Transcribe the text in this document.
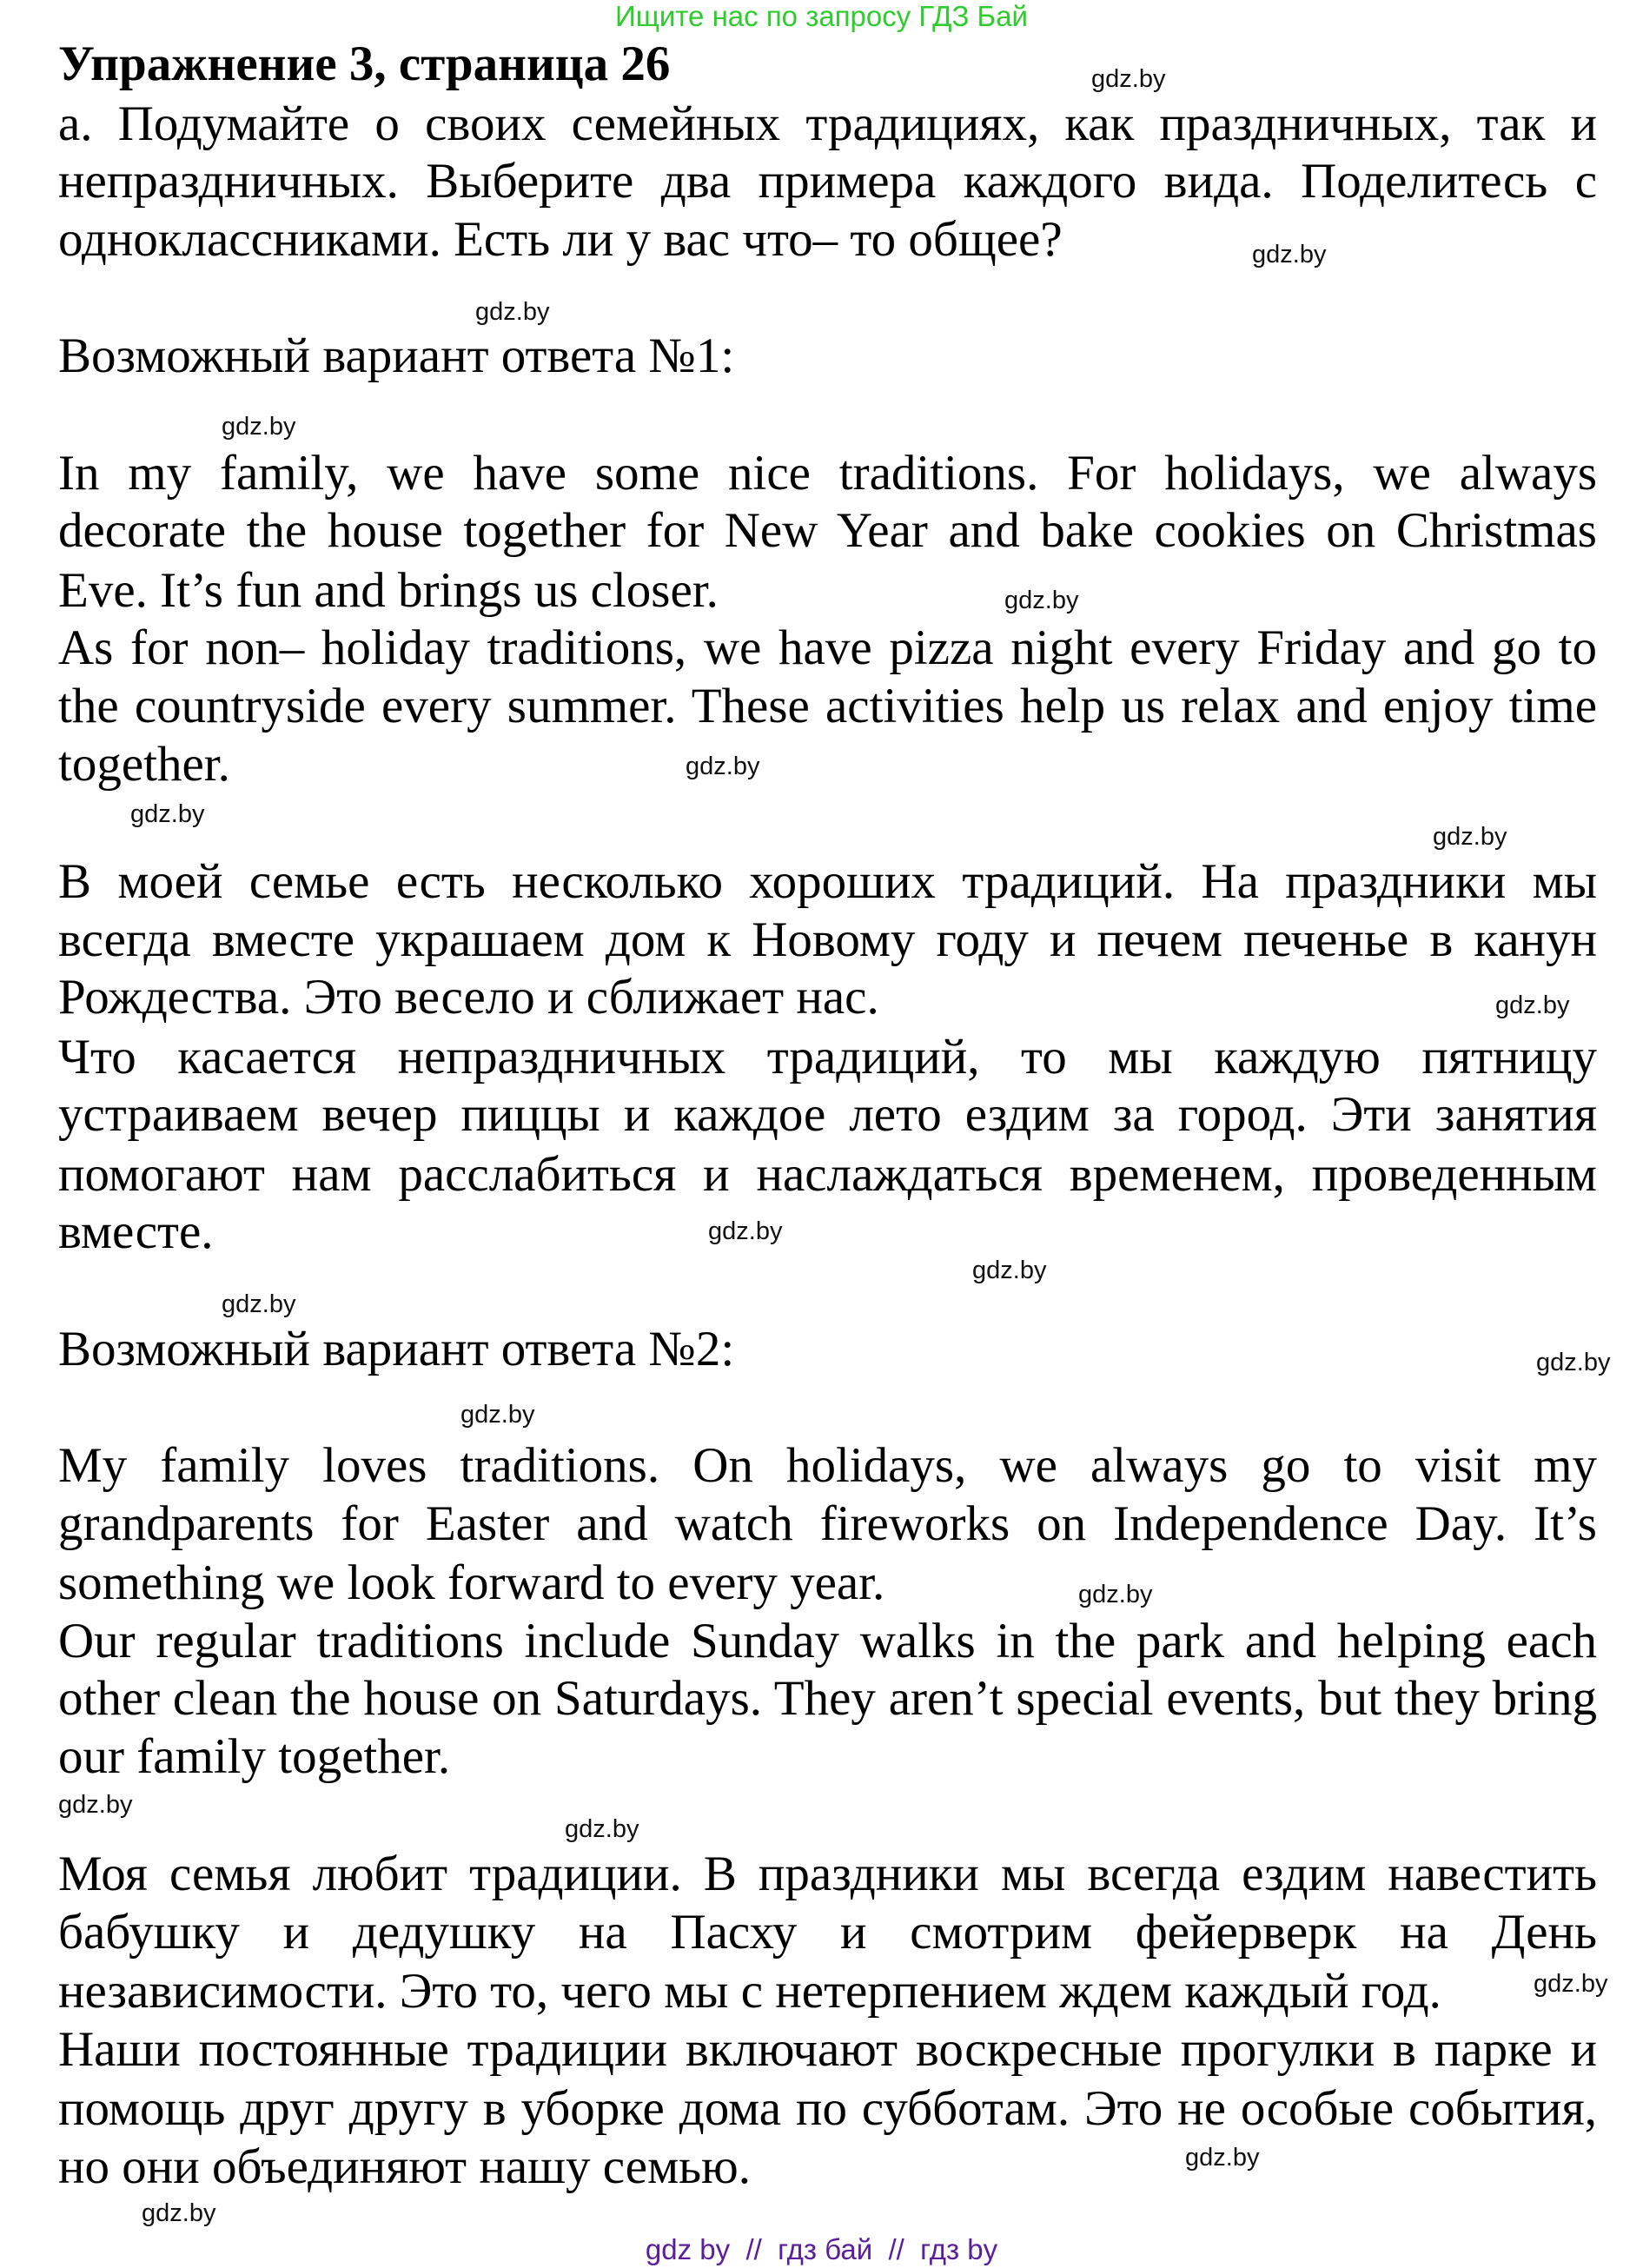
Ищите нас по запросу ГДЗ Бай
Упражнение 3, страница 26
а. Подумайте о своих семейных традициях, как праздничных, так и
непраздничных. Выберите два примера каждого вида. Поделитесь с
одноклассниками. Есть ли у вас что– то общее?
Возможный вариант ответа №1:
In my family, we have some nice traditions. For holidays, we always
decorate the house together for New Year and bake cookies on Christmas
Eve. It’s fun and brings us closer.
As for non– holiday traditions, we have pizza night every Friday and go to
the countryside every summer. These activities help us relax and enjoy time
together.
В моей семье есть несколько хороших традиций. На праздники мы
всегда вместе украшаем дом к Новому году и печем печенье в канун
Рождества. Это весело и сближает нас.
Что касается непраздничных традиций, то мы каждую пятницу
устраиваем вечер пиццы и каждое лето ездим за город. Эти занятия
помогают нам расслабиться и наслаждаться временем, проведенным
вместе.
Возможный вариант ответа №2:
My family loves traditions. On holidays, we always go to visit my
grandparents for Easter and watch fireworks on Independence Day. It’s
something we look forward to every year.
Our regular traditions include Sunday walks in the park and helping each
other clean the house on Saturdays. They aren’t special events, but they bring
our family together.
Моя семья любит традиции. В праздники мы всегда ездим навестить
бабушку и дедушку на Пасху и смотрим фейерверк на День
независимости. Это то, чего мы с нетерпением ждем каждый год.
Наши постоянные традиции включают воскресные прогулки в парке и
помощь друг другу в уборке дома по субботам. Это не особые события,
но они объединяют нашу семью.
gdz.by
gdz.by
gdz.by
gdz.by
gdz.by
gdz.by
gdz.by
gdz.by
gdz.by
gdz.by
gdz.by
gdz.by
gdz.by
gdz.by
gdz.by
gdz.by
gdz.by
gdz.by
gdz.by
gdz.by
gdz by  //  гдз бай  //  гдз by
